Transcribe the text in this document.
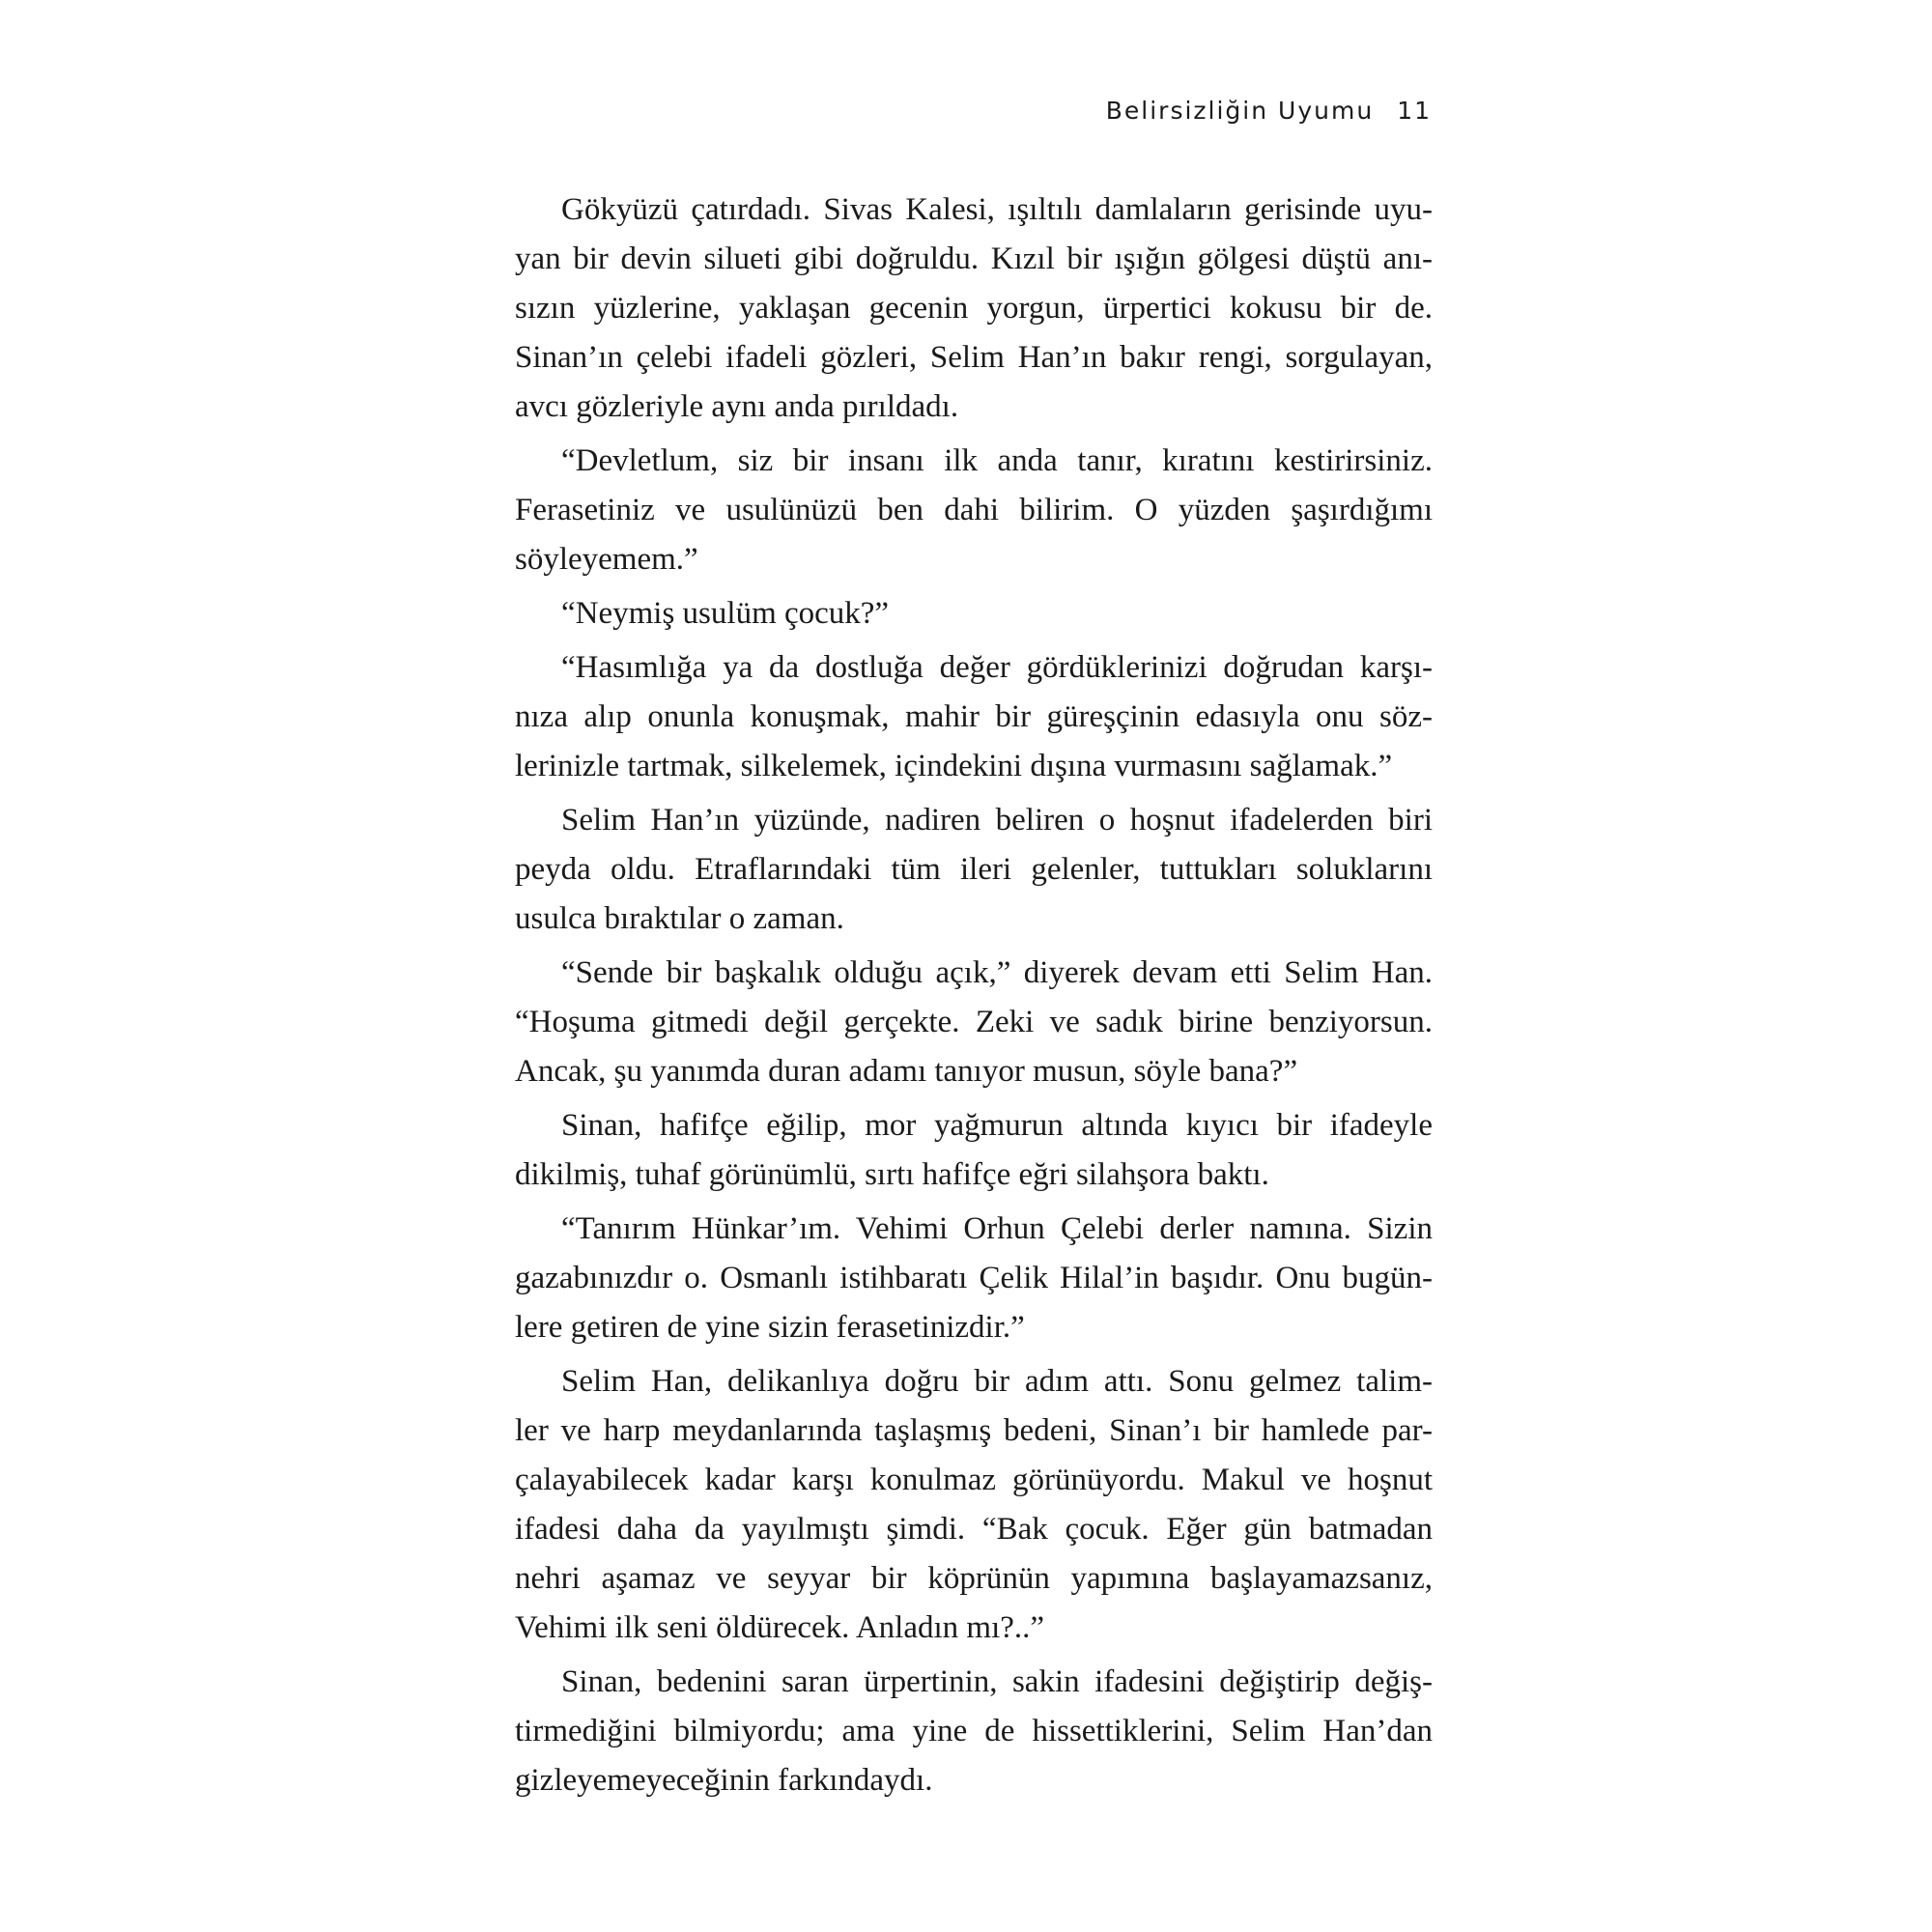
Belirsizliğin Uyumu 11

Gökyüzü çatırdadı. Sivas Kalesi, ışıltılı damlaların gerisinde uyu-
yan bir devin silueti gibi doğruldu. Kızıl bir ışığın gölgesi düştü anı-
sızın yüzlerine, yaklaşan gecenin yorgun, ürpertici kokusu bir de.
Sinan’ın çelebi ifadeli gözleri, Selim Han’ın bakır rengi, sorgulayan,
avcı gözleriyle aynı anda pırıldadı.

“Devletlum, siz bir insanı ilk anda tanır, kıratını kestirirsiniz.
Ferasetiniz ve usulünüzü ben dahi bilirim. O yüzden şaşırdığımı
söyleyemem.”

“Neymiş usulüm çocuk?”

“Hasımlığa ya da dostluğa değer gördüklerinizi doğrudan karşı-
nıza alıp onunla konuşmak, mahir bir güreşçinin edasıyla onu söz-
lerinizle tartmak, silkelemek, içindekini dışına vurmasını sağlamak.”

Selim Han’ın yüzünde, nadiren beliren o hoşnut ifadelerden biri
peyda oldu. Etraflarındaki tüm ileri gelenler, tuttukları soluklarını
usulca bıraktılar o zaman.

“Sende bir başkalık olduğu açık,” diyerek devam etti Selim Han.
“Hoşuma gitmedi değil gerçekte. Zeki ve sadık birine benziyorsun.
Ancak, şu yanımda duran adamı tanıyor musun, söyle bana?”

Sinan, hafifçe eğilip, mor yağmurun altında kıyıcı bir ifadeyle
dikilmiş, tuhaf görünümlü, sırtı hafifçe eğri silahşora baktı.

“Tanırım Hünkar’ım. Vehimi Orhun Çelebi derler namına. Sizin
gazabınızdır o. Osmanlı istihbaratı Çelik Hilal’in başıdır. Onu bugün-
lere getiren de yine sizin ferasetinizdir.”

Selim Han, delikanlıya doğru bir adım attı. Sonu gelmez talim-
ler ve harp meydanlarında taşlaşmış bedeni, Sinan’ı bir hamlede par-
çalayabilecek kadar karşı konulmaz görünüyordu. Makul ve hoşnut
ifadesi daha da yayılmıştı şimdi. “Bak çocuk. Eğer gün batmadan
nehri aşamaz ve seyyar bir köprünün yapımına başlayamazsanız,
Vehimi ilk seni öldürecek. Anladın mı?..”

Sinan, bedenini saran ürpertinin, sakin ifadesini değiştirip değiş-
tirmediğini bilmiyordu; ama yine de hissettiklerini, Selim Han’dan
gizleyemeyeceğinin farkındaydı.
